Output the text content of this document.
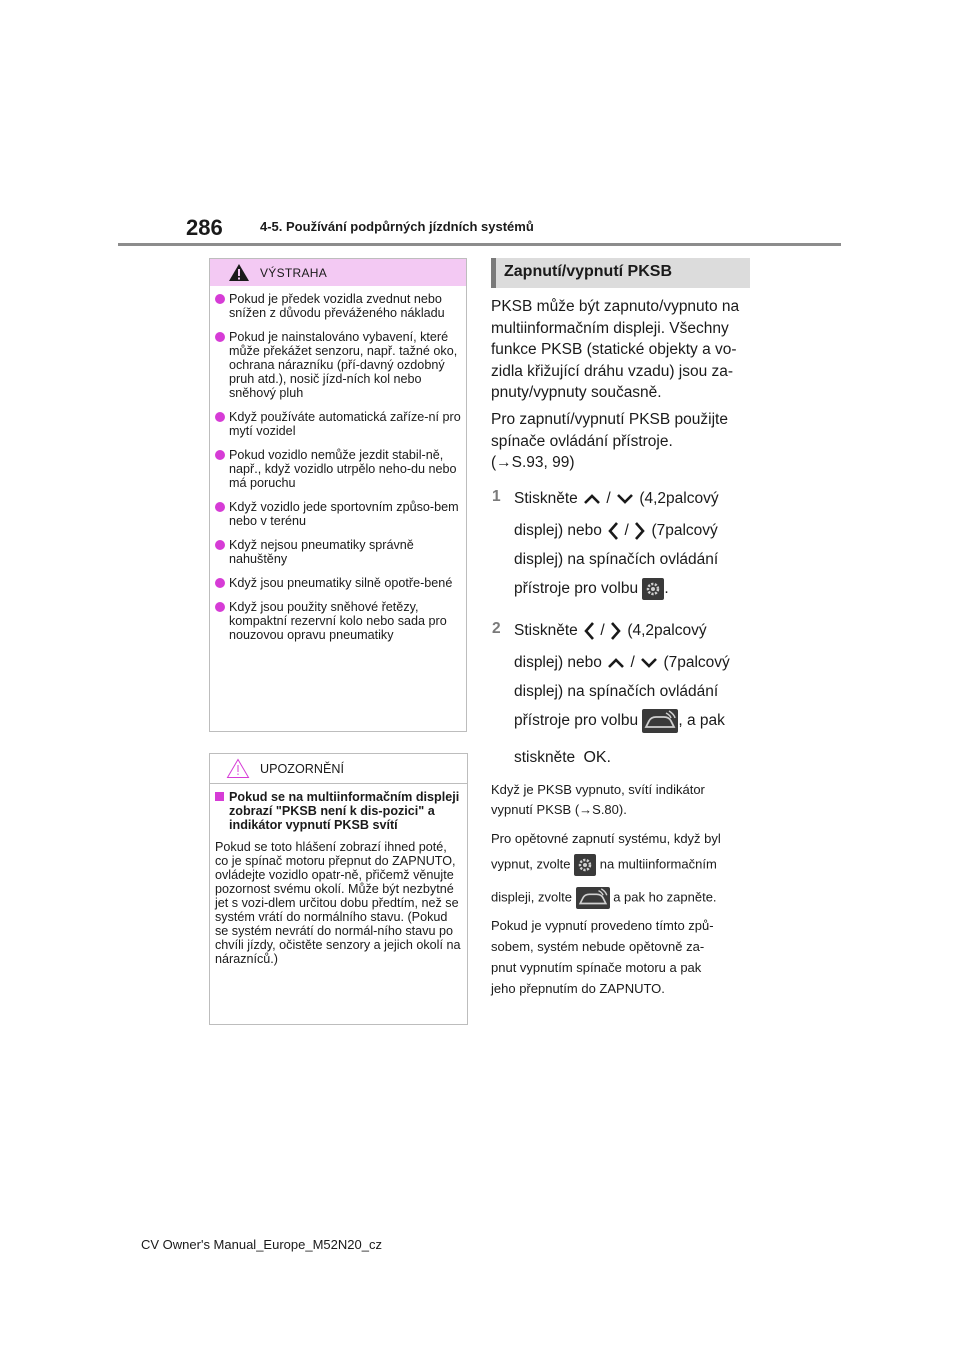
286	4-5. Používání podpůrných jízdních systémů
VÝSTRAHA
Pokud je předek vozidla zvednut nebo snížen z důvodu převáženého nákladu
Pokud je nainstalováno vybavení, které může překážet senzoru, např. tažné oko, ochrana nárazníku (pří-davný ozdobný pruh atd.), nosič jízd-ních kol nebo sněhový pluh
Když používáte automatická zaříze-ní pro mytí vozidel
Pokud vozidlo nemůže jezdit stabil-ně, např., když vozidlo utrpělo neho-du nebo má poruchu
Když vozidlo jede sportovním způso-bem nebo v terénu
Když nejsou pneumatiky správně nahuštěny
Když jsou pneumatiky silně opotře-bené
Když jsou použity sněhové řetězy, kompaktní rezervní kolo nebo sada pro nouzovou opravu pneumatiky
UPOZORNĚNÍ
Pokud se na multiinformačním displeji zobrazí "PKSB není k dis-pozici" a indikátor vypnutí PKSB svítí
Pokud se toto hlášení zobrazí ihned poté, co je spínač motoru přepnut do ZAPNUTO, ovládejte vozidlo opatr-ně, přičemž věnujte pozornost svému okolí. Může být nezbytné jet s vozi-dlem určitou dobu předtím, než se systém vrátí do normálního stavu. (Pokud se systém nevrátí do normál-ního stavu po chvíli jízdy, očistěte senzory a jejich okolí na nárazníců.)
Zapnutí/vypnutí PKSB
PKSB může být zapnuto/vypnuto na
multiinformačním displeji. Všechny
funkce PKSB (statické objekty a vo-
zidla křižující dráhu vzadu) jsou za-
pnuty/vypnuty současně.
Pro zapnutí/vypnutí PKSB použijte
spínače ovládání přístroje.
(→S.93, 99)
1 Stiskněte / (4,2palcový
displej) nebo / (7palcový
displej) na spínačích ovládání
přístroje pro volbu .
2 Stiskněte / (4,2palcový
displej) nebo / (7palcový
displej) na spínačích ovládání
přístroje pro volbu	, a pak
stiskněte OK.
Když je PKSB vypnuto, svítí indikátor
vypnutí PKSB (→S.80).
Pro opětovné zapnutí systému, když byl
vypnut, zvolte na multiinformačním
displeji, zvolte	a pak ho zapněte.
Pokud je vypnutí provedeno tímto způ-
sobem, systém nebude opětovně za-
pnut vypnutím spínače motoru a pak
jeho přepnutím do ZAPNUTO.
CV Owner's Manual_Europe_M52N20_cz
